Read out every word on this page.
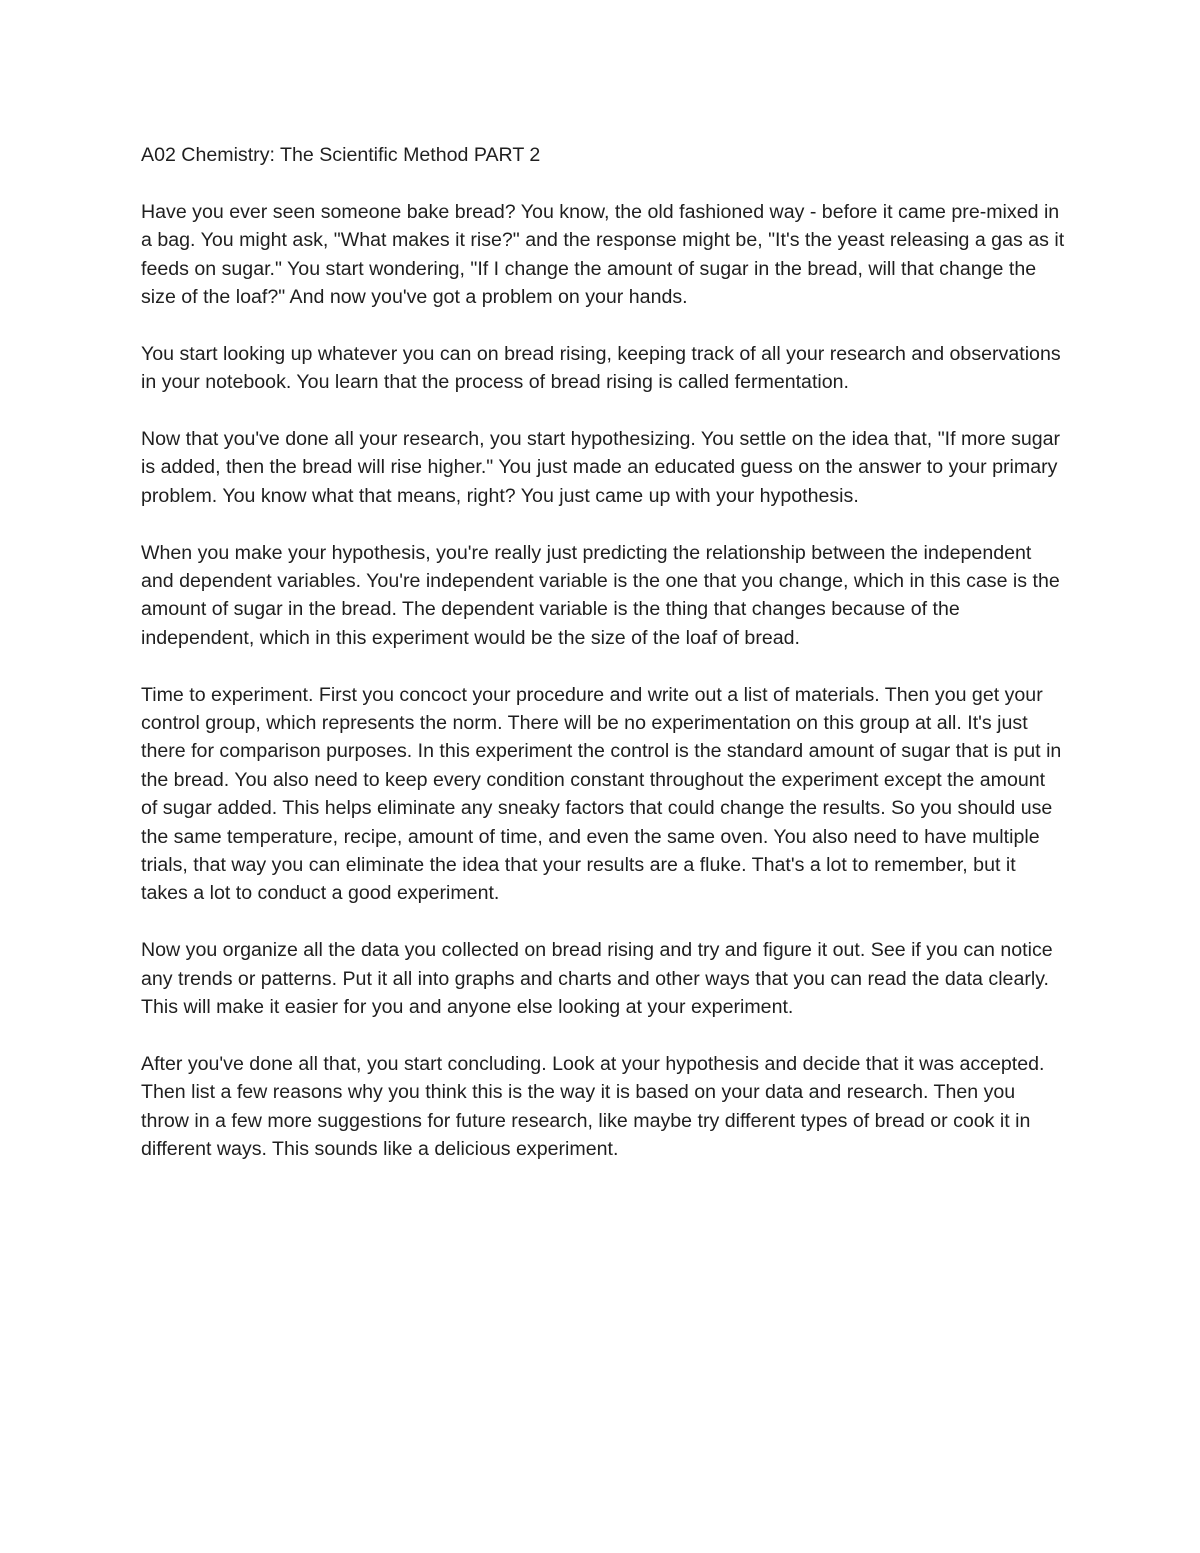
A02 Chemistry: The Scientific Method PART 2

Have you ever seen someone bake bread? You know, the old fashioned way - before it came pre-mixed in a bag. You might ask, "What makes it rise?" and the response might be, "It's the yeast releasing a gas as it feeds on sugar." You start wondering, "If I change the amount of sugar in the bread, will that change the size of the loaf?" And now you've got a problem on your hands.

You start looking up whatever you can on bread rising, keeping track of all your research and observations in your notebook. You learn that the process of bread rising is called fermentation.

Now that you've done all your research, you start hypothesizing. You settle on the idea that, "If more sugar is added, then the bread will rise higher." You just made an educated guess on the answer to your primary problem. You know what that means, right? You just came up with your hypothesis.

When you make your hypothesis, you're really just predicting the relationship between the independent and dependent variables. You're independent variable is the one that you change, which in this case is the amount of sugar in the bread. The dependent variable is the thing that changes because of the independent, which in this experiment would be the size of the loaf of bread.

Time to experiment. First you concoct your procedure and write out a list of materials. Then you get your control group, which represents the norm. There will be no experimentation on this group at all. It's just there for comparison purposes. In this experiment the control is the standard amount of sugar that is put in the bread. You also need to keep every condition constant throughout the experiment except the amount of sugar added. This helps eliminate any sneaky factors that could change the results. So you should use the same temperature, recipe, amount of time, and even the same oven. You also need to have multiple trials, that way you can eliminate the idea that your results are a fluke. That's a lot to remember, but it takes a lot to conduct a good experiment.

Now you organize all the data you collected on bread rising and try and figure it out. See if you can notice any trends or patterns. Put it all into graphs and charts and other ways that you can read the data clearly. This will make it easier for you and anyone else looking at your experiment.

After you've done all that, you start concluding. Look at your hypothesis and decide that it was accepted. Then list a few reasons why you think this is the way it is based on your data and research. Then you throw in a few more suggestions for future research, like maybe try different types of bread or cook it in different ways. This sounds like a delicious experiment.
